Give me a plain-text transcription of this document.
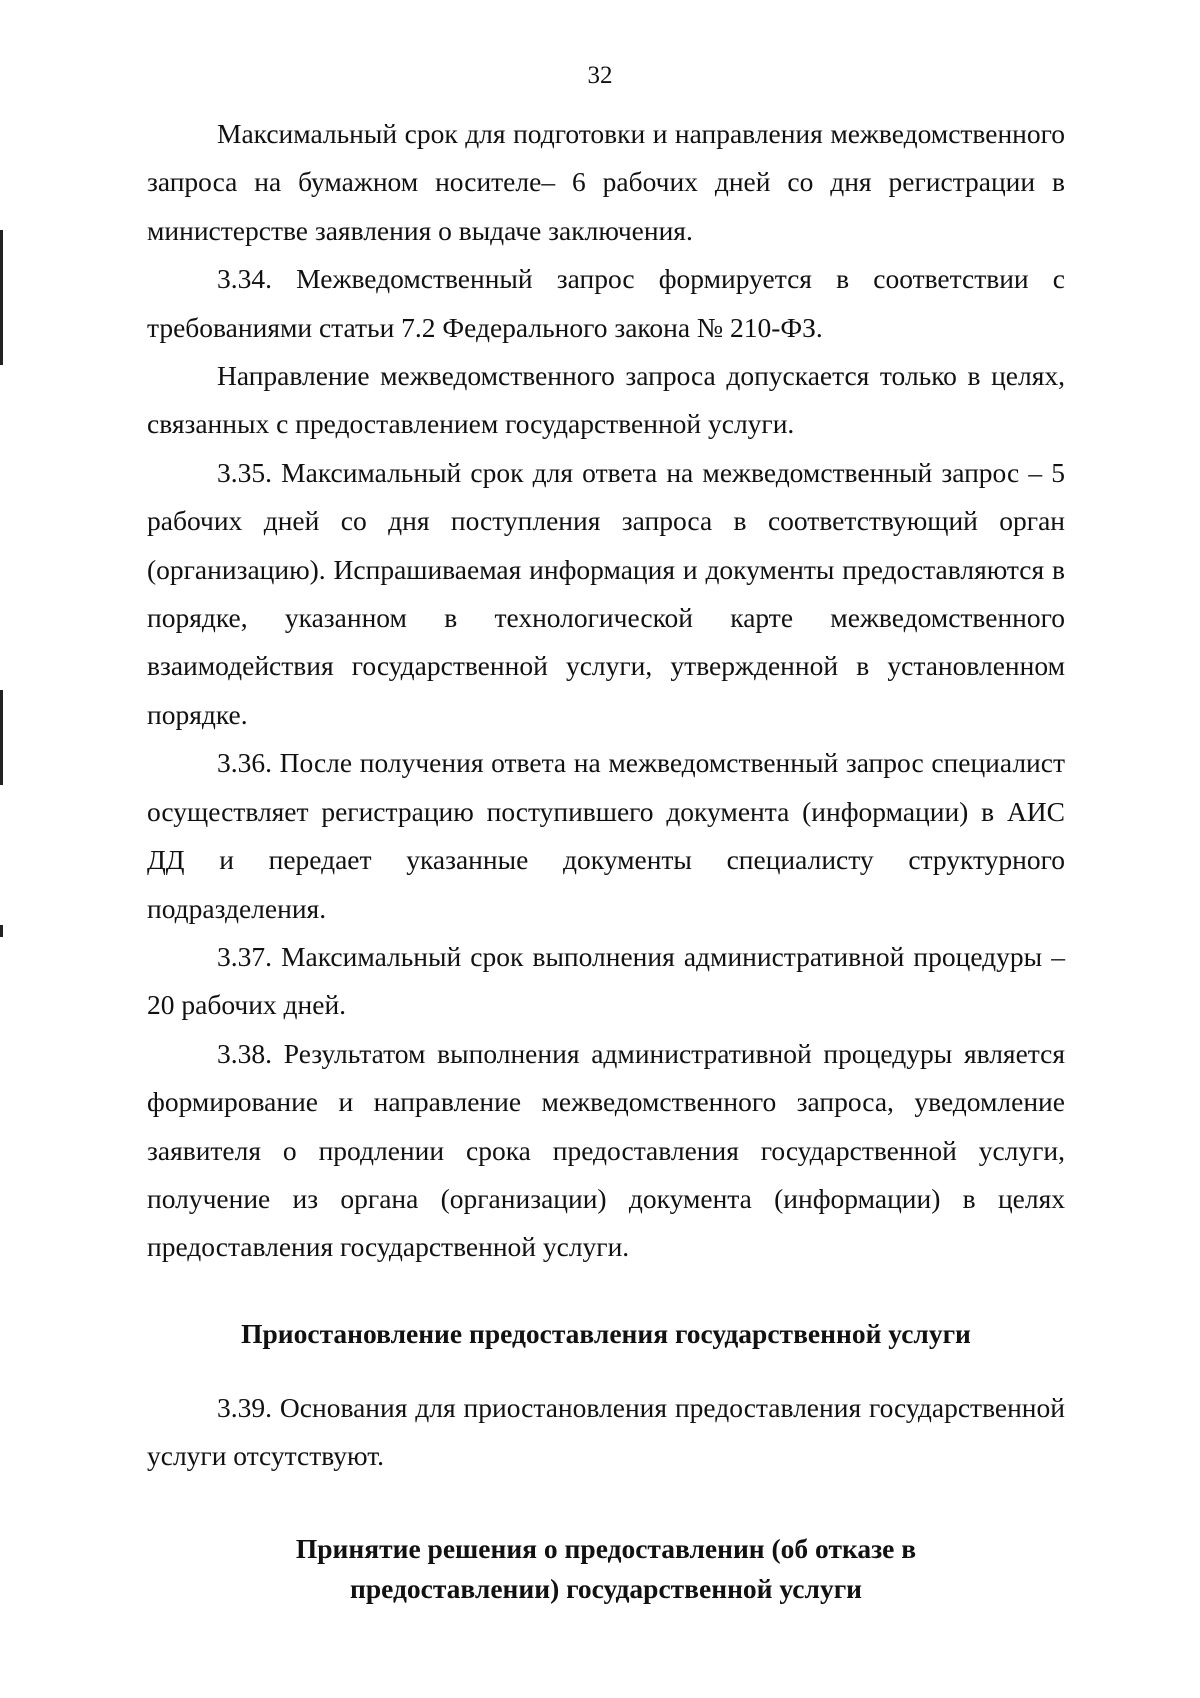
32

Максимальный срок для подготовки и направления межведомственного запроса на бумажном носителе– 6 рабочих дней со дня регистрации в министерстве заявления о выдаче заключения.

3.34. Межведомственный запрос формируется в соответствии с требованиями статьи 7.2 Федерального закона № 210-ФЗ.

Направление межведомственного запроса допускается только в целях, связанных с предоставлением государственной услуги.

3.35. Максимальный срок для ответа на межведомственный запрос – 5 рабочих дней со дня поступления запроса в соответствующий орган (организацию). Испрашиваемая информация и документы предоставляются в порядке, указанном в технологической карте межведомственного взаимодействия государственной услуги, утвержденной в установленном порядке.

3.36. После получения ответа на межведомственный запрос специалист осуществляет регистрацию поступившего документа (информации) в АИС ДД и передает указанные документы специалисту структурного подразделения.

3.37. Максимальный срок выполнения административной процедуры – 20 рабочих дней.

3.38. Результатом выполнения административной процедуры является формирование и направление межведомственного запроса, уведомление заявителя о продлении срока предоставления государственной услуги, получение из органа (организации) документа (информации) в целях предоставления государственной услуги.

Приостановление предоставления государственной услуги

3.39. Основания для приостановления предоставления государственной услуги отсутствуют.

Принятие решения о предоставленин (об отказе в
предоставлении) государственной услуги
